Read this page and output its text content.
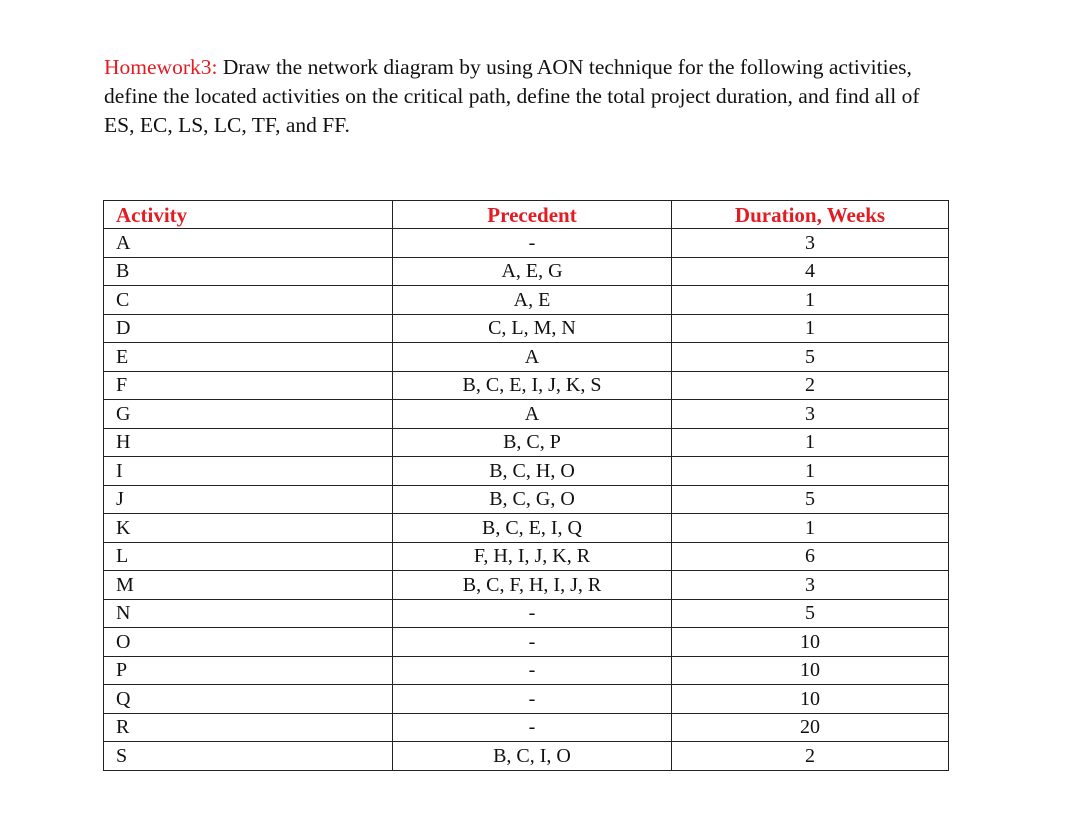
Homework3: Draw the network diagram by using AON technique for the following activities, define the located activities on the critical path, define the total project duration, and find all of ES, EC, LS, LC, TF, and FF.
Activity	Precedent	Duration, Weeks
A	-	3
B	A, E, G	4
C	A, E	1
D	C, L, M, N	1
E	A	5
F	B, C, E, I, J, K, S	2
G	A	3
H	B, C, P	1
I	B, C, H, O	1
J	B, C, G, O	5
K	B, C, E, I, Q	1
L	F, H, I, J, K, R	6
M	B, C, F, H, I, J, R	3
N	-	5
O	-	10
P	-	10
Q	-	10
R	-	20
S	B, C, I, O	2
